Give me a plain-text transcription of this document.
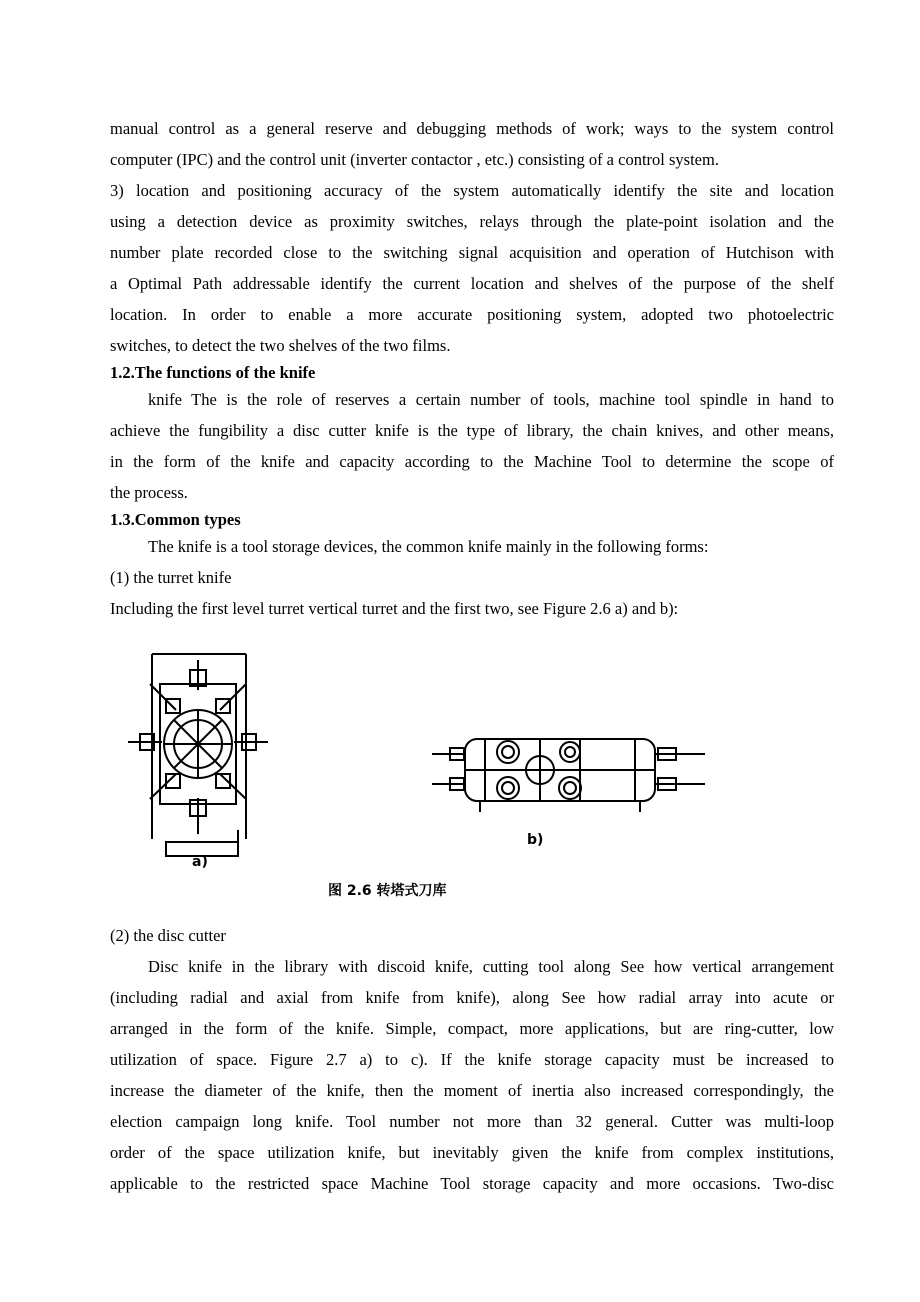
manual control as a general reserve and debugging methods of work; ways to the system control
computer (IPC) and the control unit (inverter contactor , etc.) consisting of a control system.
3) location and positioning accuracy of the system automatically identify the site and location
using a detection device as proximity switches, relays through the plate-point isolation and the
number plate recorded close to the switching signal acquisition and operation of Hutchison with
a Optimal Path addressable identify the current location and shelves of the purpose of the shelf
location. In order to enable a more accurate positioning system, adopted two photoelectric
switches, to detect the two shelves of the two films.
1.2.The functions of the knife
knife The is the role of reserves a certain number of tools, machine tool spindle in hand to
achieve the fungibility a disc cutter knife is the type of library, the chain knives, and other means,
in the form of the knife and capacity according to the Machine Tool to determine the scope of
the process.
1.3.Common types
The knife is a tool storage devices, the common knife mainly in the following forms:
(1) the turret knife
Including the first level turret vertical turret and the first two, see Figure 2.6 a) and b):
a)
b)
图 2.6 转塔式刀库
(2) the disc cutter
Disc knife in the library with discoid knife, cutting tool along See how vertical arrangement
(including radial and axial from knife from knife), along See how radial array into acute or
arranged in the form of the knife. Simple, compact, more applications, but are ring-cutter, low
utilization of space. Figure 2.7 a) to c). If the knife storage capacity must be increased to
increase the diameter of the knife, then the moment of inertia also increased correspondingly, the
election campaign long knife. Tool number not more than 32 general. Cutter was multi-loop
order of the space utilization knife, but inevitably given the knife from complex institutions,
applicable to the restricted space Machine Tool storage capacity and more occasions. Two-disc
